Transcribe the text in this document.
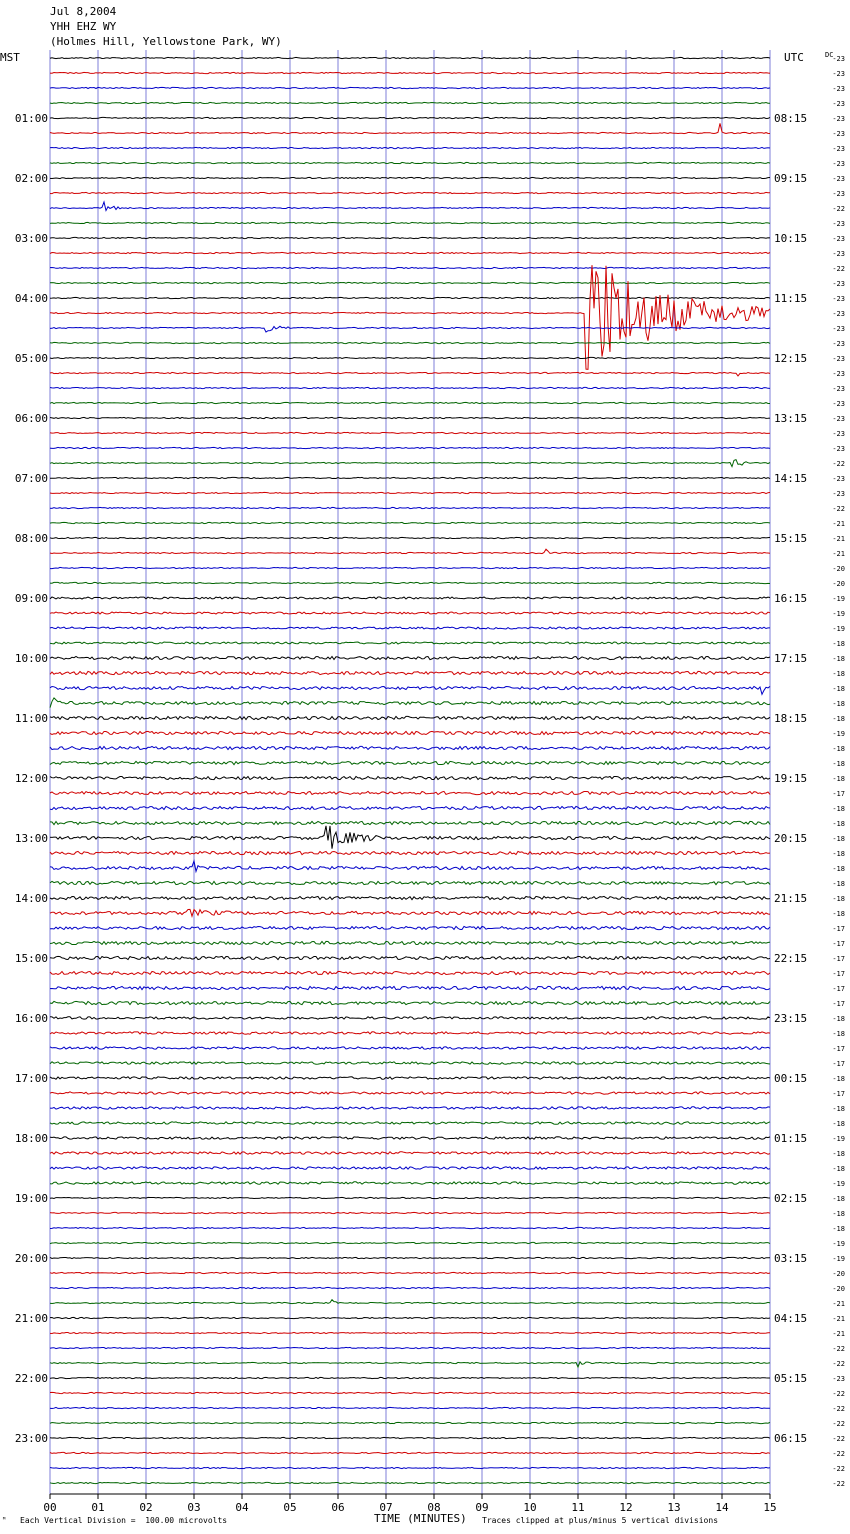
Jul 8,2004
YHH EHZ WY
(Holmes Hill, Yellowstone Park, WY)
00	01	02	03	04	05	06	07	08	09	10	11	12	13	14	15
MST	UTC	DC
-23
-23
-23
-23
-23
-23
-23
-23
-23
-23
-22
-23
-23
-23
-22
-23
-23
-23
-23
-23
-23
-23
-23
-23
-23
-23
-23
-22
-23
-23
-22
-21
-21
-21
-20
-20
-19
-19
-19
-18
-18
-18
-18
-18
-18
-19
-18
-18
-18
-17
-18
-18
-18
-18
-18
-18
-18
-18
-17
-17
-17
-17
-17
-17
-18
-18
-17
-17
-18
-17
-18
-18
-19
-18
-18
-19
-18
-18
-18
-19
-19
-20
-20
-21
-21
-21
-22
-22
-23
-22
-22
-22
-22
-22
-22
-22
01:00
02:00
03:00
04:00
05:00
06:00
07:00
08:00
09:00
10:00
11:00
12:00
13:00
14:00
15:00
16:00
17:00
18:00
19:00
20:00
21:00
22:00
23:00
08:15
09:15
10:15
11:15
12:15
13:15
14:15
15:15
16:15
17:15
18:15
19:15
20:15
21:15
22:15
23:15
00:15
01:15
02:15
03:15
04:15
05:15
06:15
ᴹ Each Vertical Division =  100.00 microvolts	TIME (MINUTES) Traces clipped at plus/minus 5 vertical divisions
